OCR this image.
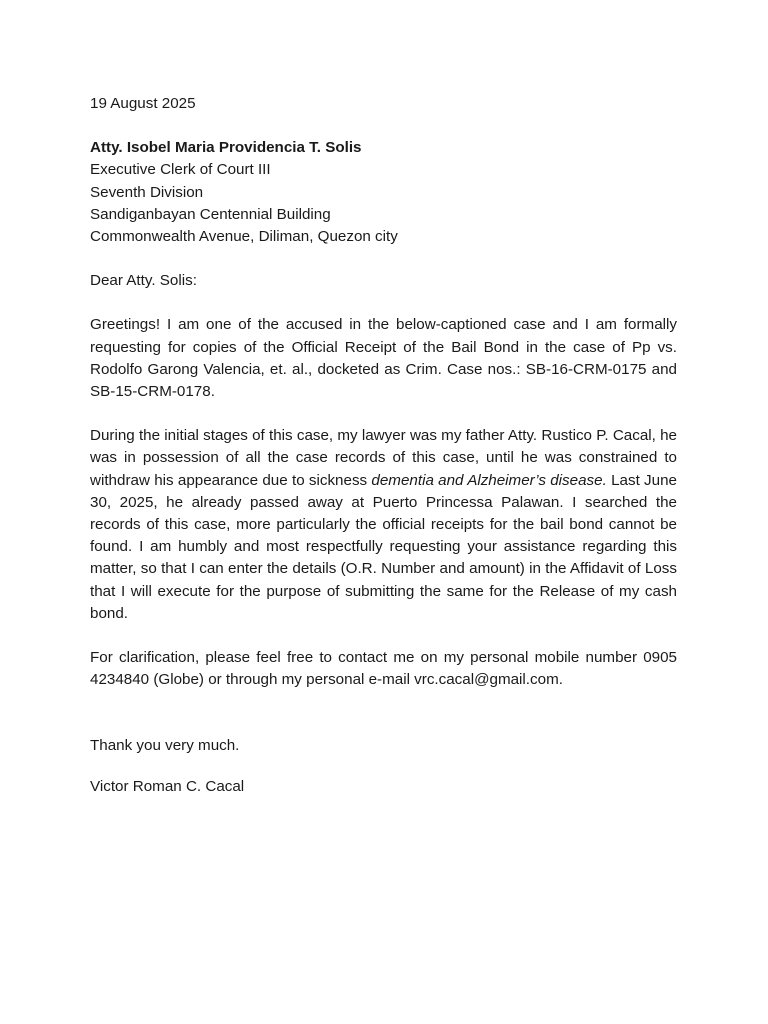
19 August 2025

Atty. Isobel Maria Providencia T. Solis
Executive Clerk of Court III
Seventh Division
Sandiganbayan Centennial Building
Commonwealth Avenue, Diliman, Quezon city

Dear Atty. Solis:

Greetings! I am one of the accused in the below-captioned case and I am formally requesting for copies of the Official Receipt of the Bail Bond in the case of Pp vs. Rodolfo Garong Valencia, et. al., docketed as Crim. Case nos.: SB-16-CRM-0175 and SB-15-CRM-0178.

During the initial stages of this case, my lawyer was my father Atty. Rustico P. Cacal, he was in possession of all the case records of this case, until he was constrained to withdraw his appearance due to sickness dementia and Alzheimer’s disease. Last June 30, 2025, he already passed away at Puerto Princessa Palawan. I searched the records of this case, more particularly the official receipts for the bail bond cannot be found. I am humbly and most respectfully requesting your assistance regarding this matter, so that I can enter the details (O.R. Number and amount) in the Affidavit of Loss that I will execute for the purpose of submitting the same for the Release of my cash bond.

For clarification, please feel free to contact me on my personal mobile number 0905 4234840 (Globe) or through my personal e-mail vrc.cacal@gmail.com.

Thank you very much.

Victor Roman C. Cacal
